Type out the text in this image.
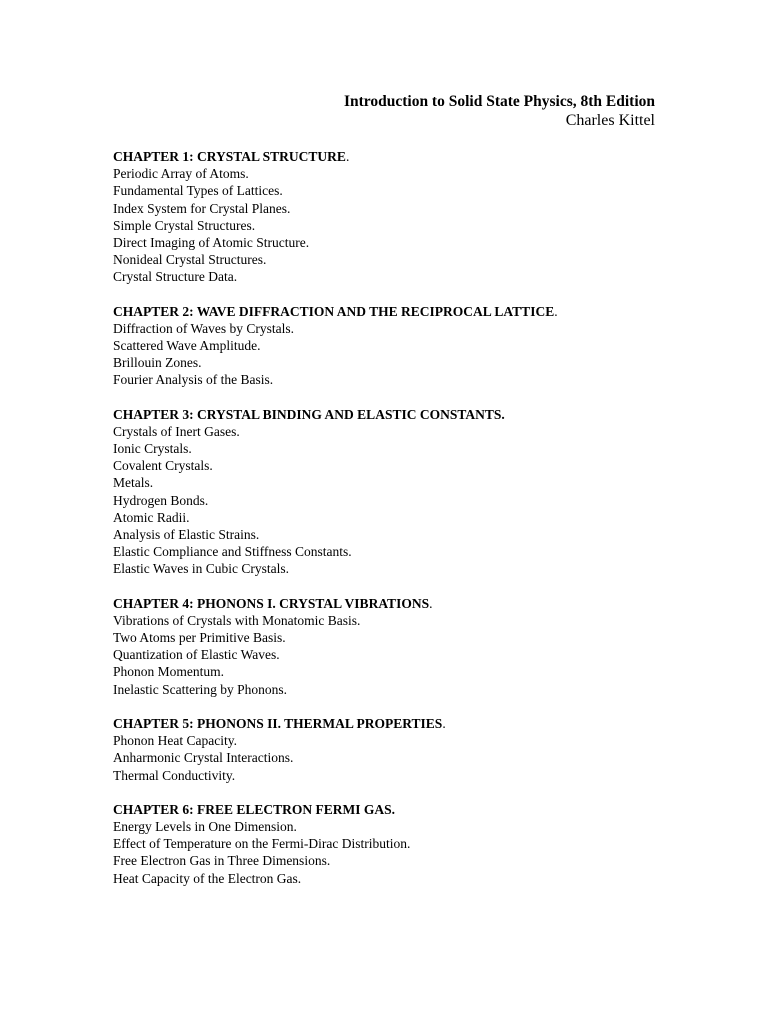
Introduction to Solid State Physics, 8th Edition
Charles Kittel
CHAPTER 1: CRYSTAL STRUCTURE.
Periodic Array of Atoms.
Fundamental Types of Lattices.
Index System for Crystal Planes.
Simple Crystal Structures.
Direct Imaging of Atomic Structure.
Nonideal Crystal Structures.
Crystal Structure Data.
CHAPTER 2: WAVE DIFFRACTION AND THE RECIPROCAL LATTICE.
Diffraction of Waves by Crystals.
Scattered Wave Amplitude.
Brillouin Zones.
Fourier Analysis of the Basis.
CHAPTER 3: CRYSTAL BINDING AND ELASTIC CONSTANTS.
Crystals of Inert Gases.
Ionic Crystals.
Covalent Crystals.
Metals.
Hydrogen Bonds.
Atomic Radii.
Analysis of Elastic Strains.
Elastic Compliance and Stiffness Constants.
Elastic Waves in Cubic Crystals.
CHAPTER 4: PHONONS I. CRYSTAL VIBRATIONS.
Vibrations of Crystals with Monatomic Basis.
Two Atoms per Primitive Basis.
Quantization of Elastic Waves.
Phonon Momentum.
Inelastic Scattering by Phonons.
CHAPTER 5: PHONONS II. THERMAL PROPERTIES.
Phonon Heat Capacity.
Anharmonic Crystal Interactions.
Thermal Conductivity.
CHAPTER 6: FREE ELECTRON FERMI GAS.
Energy Levels in One Dimension.
Effect of Temperature on the Fermi-Dirac Distribution.
Free Electron Gas in Three Dimensions.
Heat Capacity of the Electron Gas.
